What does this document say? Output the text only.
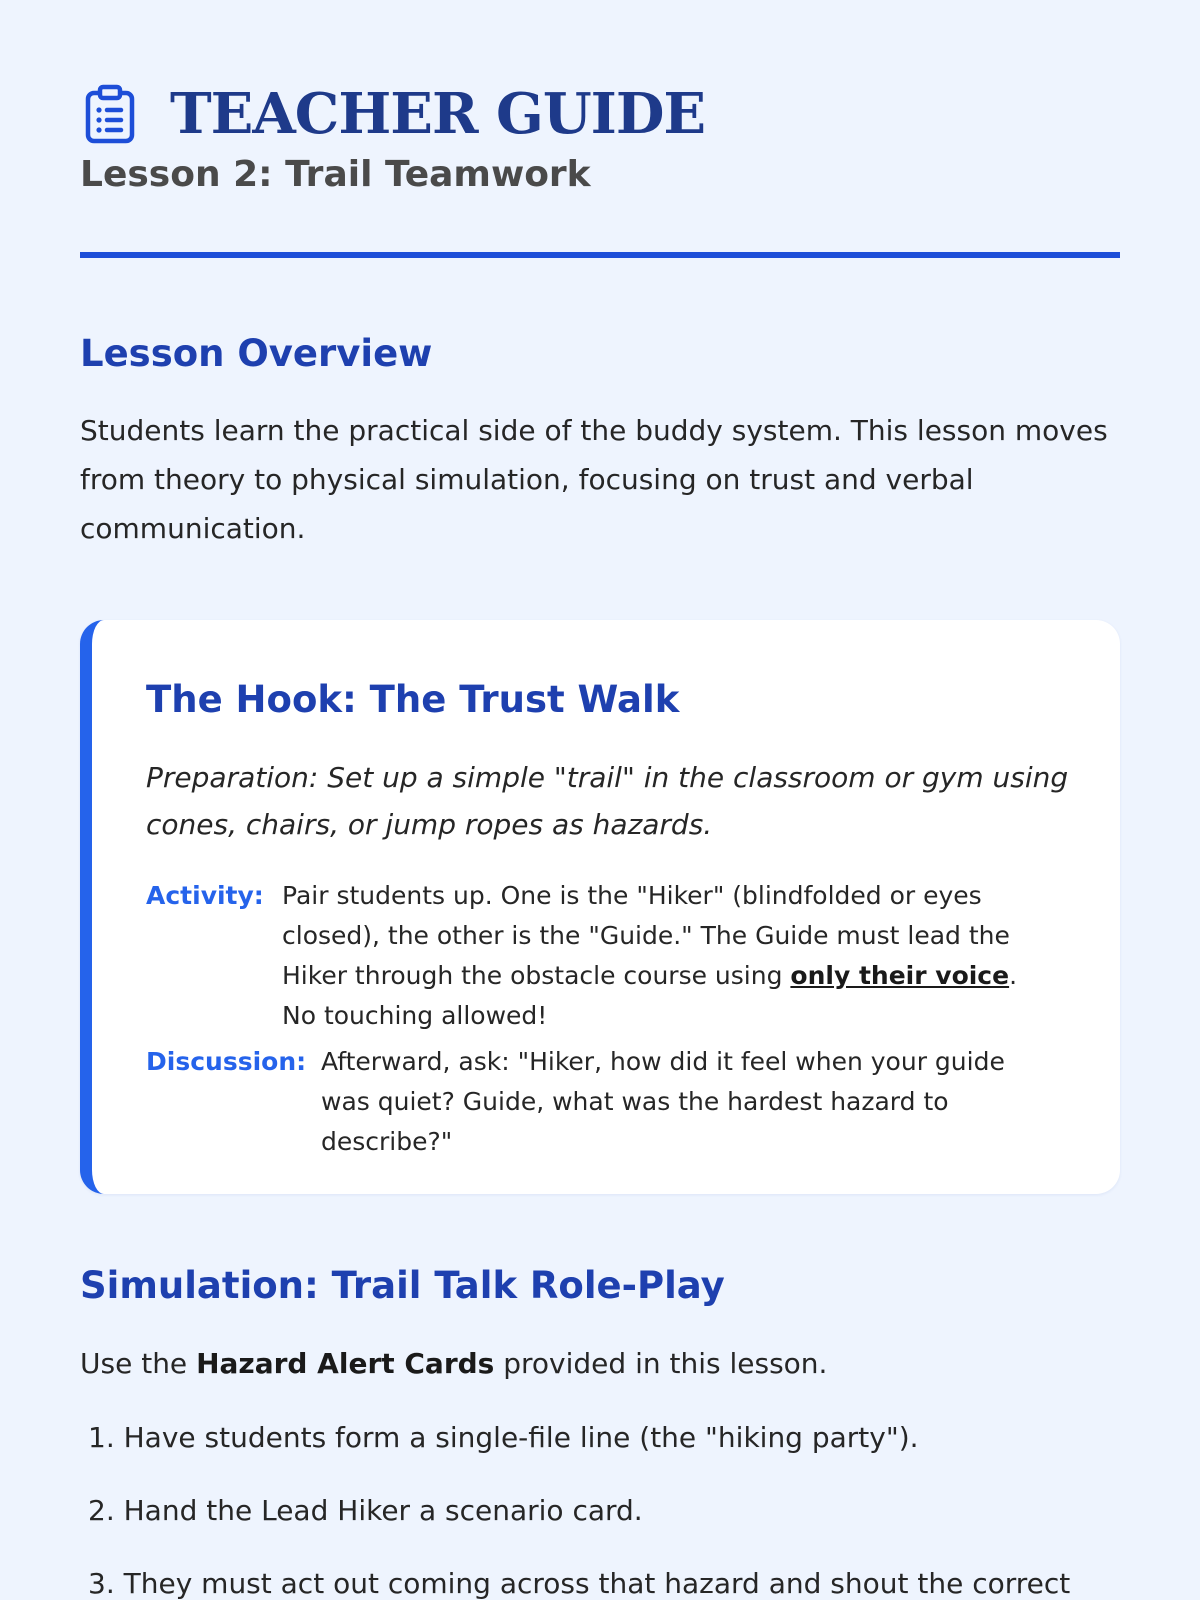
TEACHER GUIDE
Lesson 2: Trail Teamwork
Lesson Overview

Students learn the practical side of the buddy system. This lesson moves from theory to physical simulation, focusing on trust and verbal communication.

The Hook: The Trust Walk

Preparation: Set up a simple "trail" in the classroom or gym using cones, chairs, or jump ropes as hazards.

Activity: Pair students up. One is the "Hiker" (blindfolded or eyes closed), the other is the "Guide." The Guide must lead the Hiker through the obstacle course using only their voice. No touching allowed!
Discussion: Afterward, ask: "Hiker, how did it feel when your guide was quiet? Guide, what was the hardest hazard to describe?"
Simulation: Trail Talk Role-Play

Use the Hazard Alert Cards provided in this lesson.

1. Have students form a single-file line (the "hiking party").
2. Hand the Lead Hiker a scenario card.
3. They must act out coming across that hazard and shout the correct
